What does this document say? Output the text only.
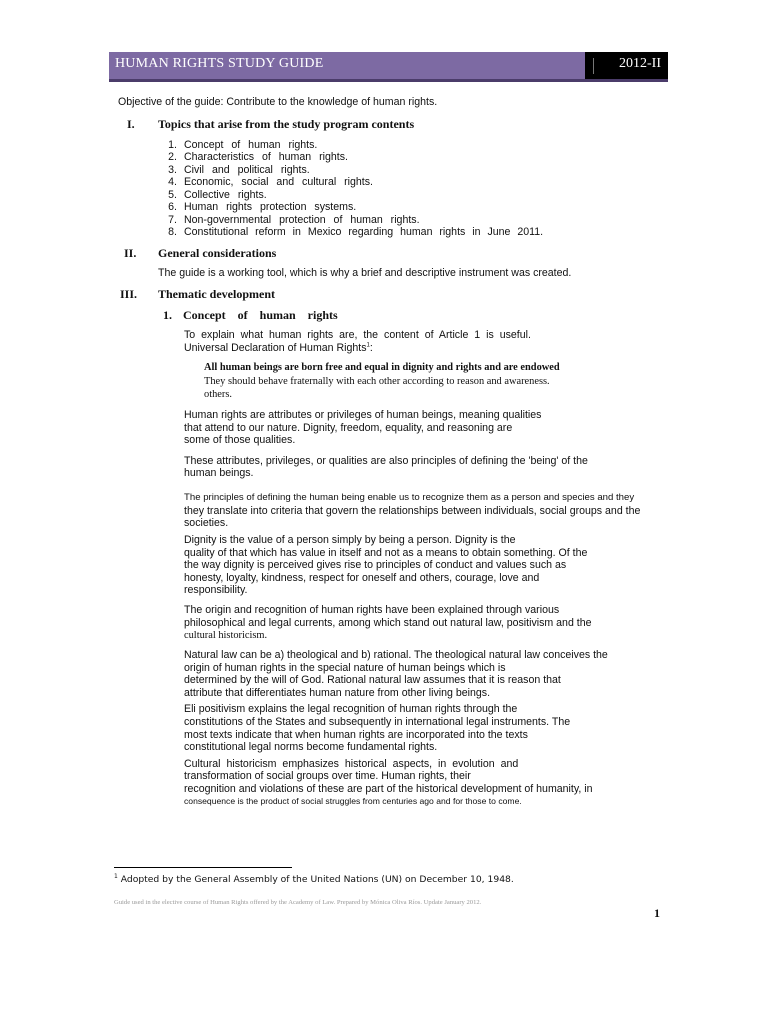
HUMAN RIGHTS STUDY GUIDE	2012-II
Objective of the guide: Contribute to the knowledge of human rights.
I. Topics that arise from the study program contents
1. Concept of human rights.
2. Characteristics of human rights.
3. Civil and political rights.
4. Economic, social and cultural rights.
5. Collective rights.
6. Human rights protection systems.
7. Non-governmental protection of human rights.
8. Constitutional reform in Mexico regarding human rights in June 2011.
II. General considerations
The guide is a working tool, which is why a brief and descriptive instrument was created.
III. Thematic development
1. Concept of human rights
To explain what human rights are, the content of Article 1 is useful.
Universal Declaration of Human Rights$^1$:
All human beings are born free and equal in dignity and rights and are endowed
They should behave fraternally with each other according to reason and awareness.
others.
Human rights are attributes or privileges of human beings, meaning qualities
that attend to our nature. Dignity, freedom, equality, and reasoning are
some of those qualities.
These attributes, privileges, or qualities are also principles of defining the 'being' of the
human beings.
The principles of defining the human being enable us to recognize them as a person and species and they
they translate into criteria that govern the relationships between individuals, social groups and the
societies.
Dignity is the value of a person simply by being a person. Dignity is the
quality of that which has value in itself and not as a means to obtain something. Of the
the way dignity is perceived gives rise to principles of conduct and values such as
honesty, loyalty, kindness, respect for oneself and others, courage, love and
responsibility.
The origin and recognition of human rights have been explained through various
philosophical and legal currents, among which stand out natural law, positivism and the
cultural historicism.
Natural law can be a) theological and b) rational. The theological natural law conceives the
origin of human rights in the special nature of human beings which is
determined by the will of God. Rational natural law assumes that it is reason that
attribute that differentiates human nature from other living beings.
Eli positivism explains the legal recognition of human rights through the
constitutions of the States and subsequently in international legal instruments. The
most texts indicate that when human rights are incorporated into the texts
constitutional legal norms become fundamental rights.
Cultural historicism emphasizes historical aspects, in evolution and
transformation of social groups over time. Human rights, their
recognition and violations of these are part of the historical development of humanity, in
consequence is the product of social struggles from centuries ago and for those to come.
$^1$ Adopted by the General Assembly of the United Nations (UN) on December 10, 1948.
Guide used in the elective course of Human Rights offered by the Academy of Law. Prepared by Mónica Oliva Ríos. Update January 2012.
1
